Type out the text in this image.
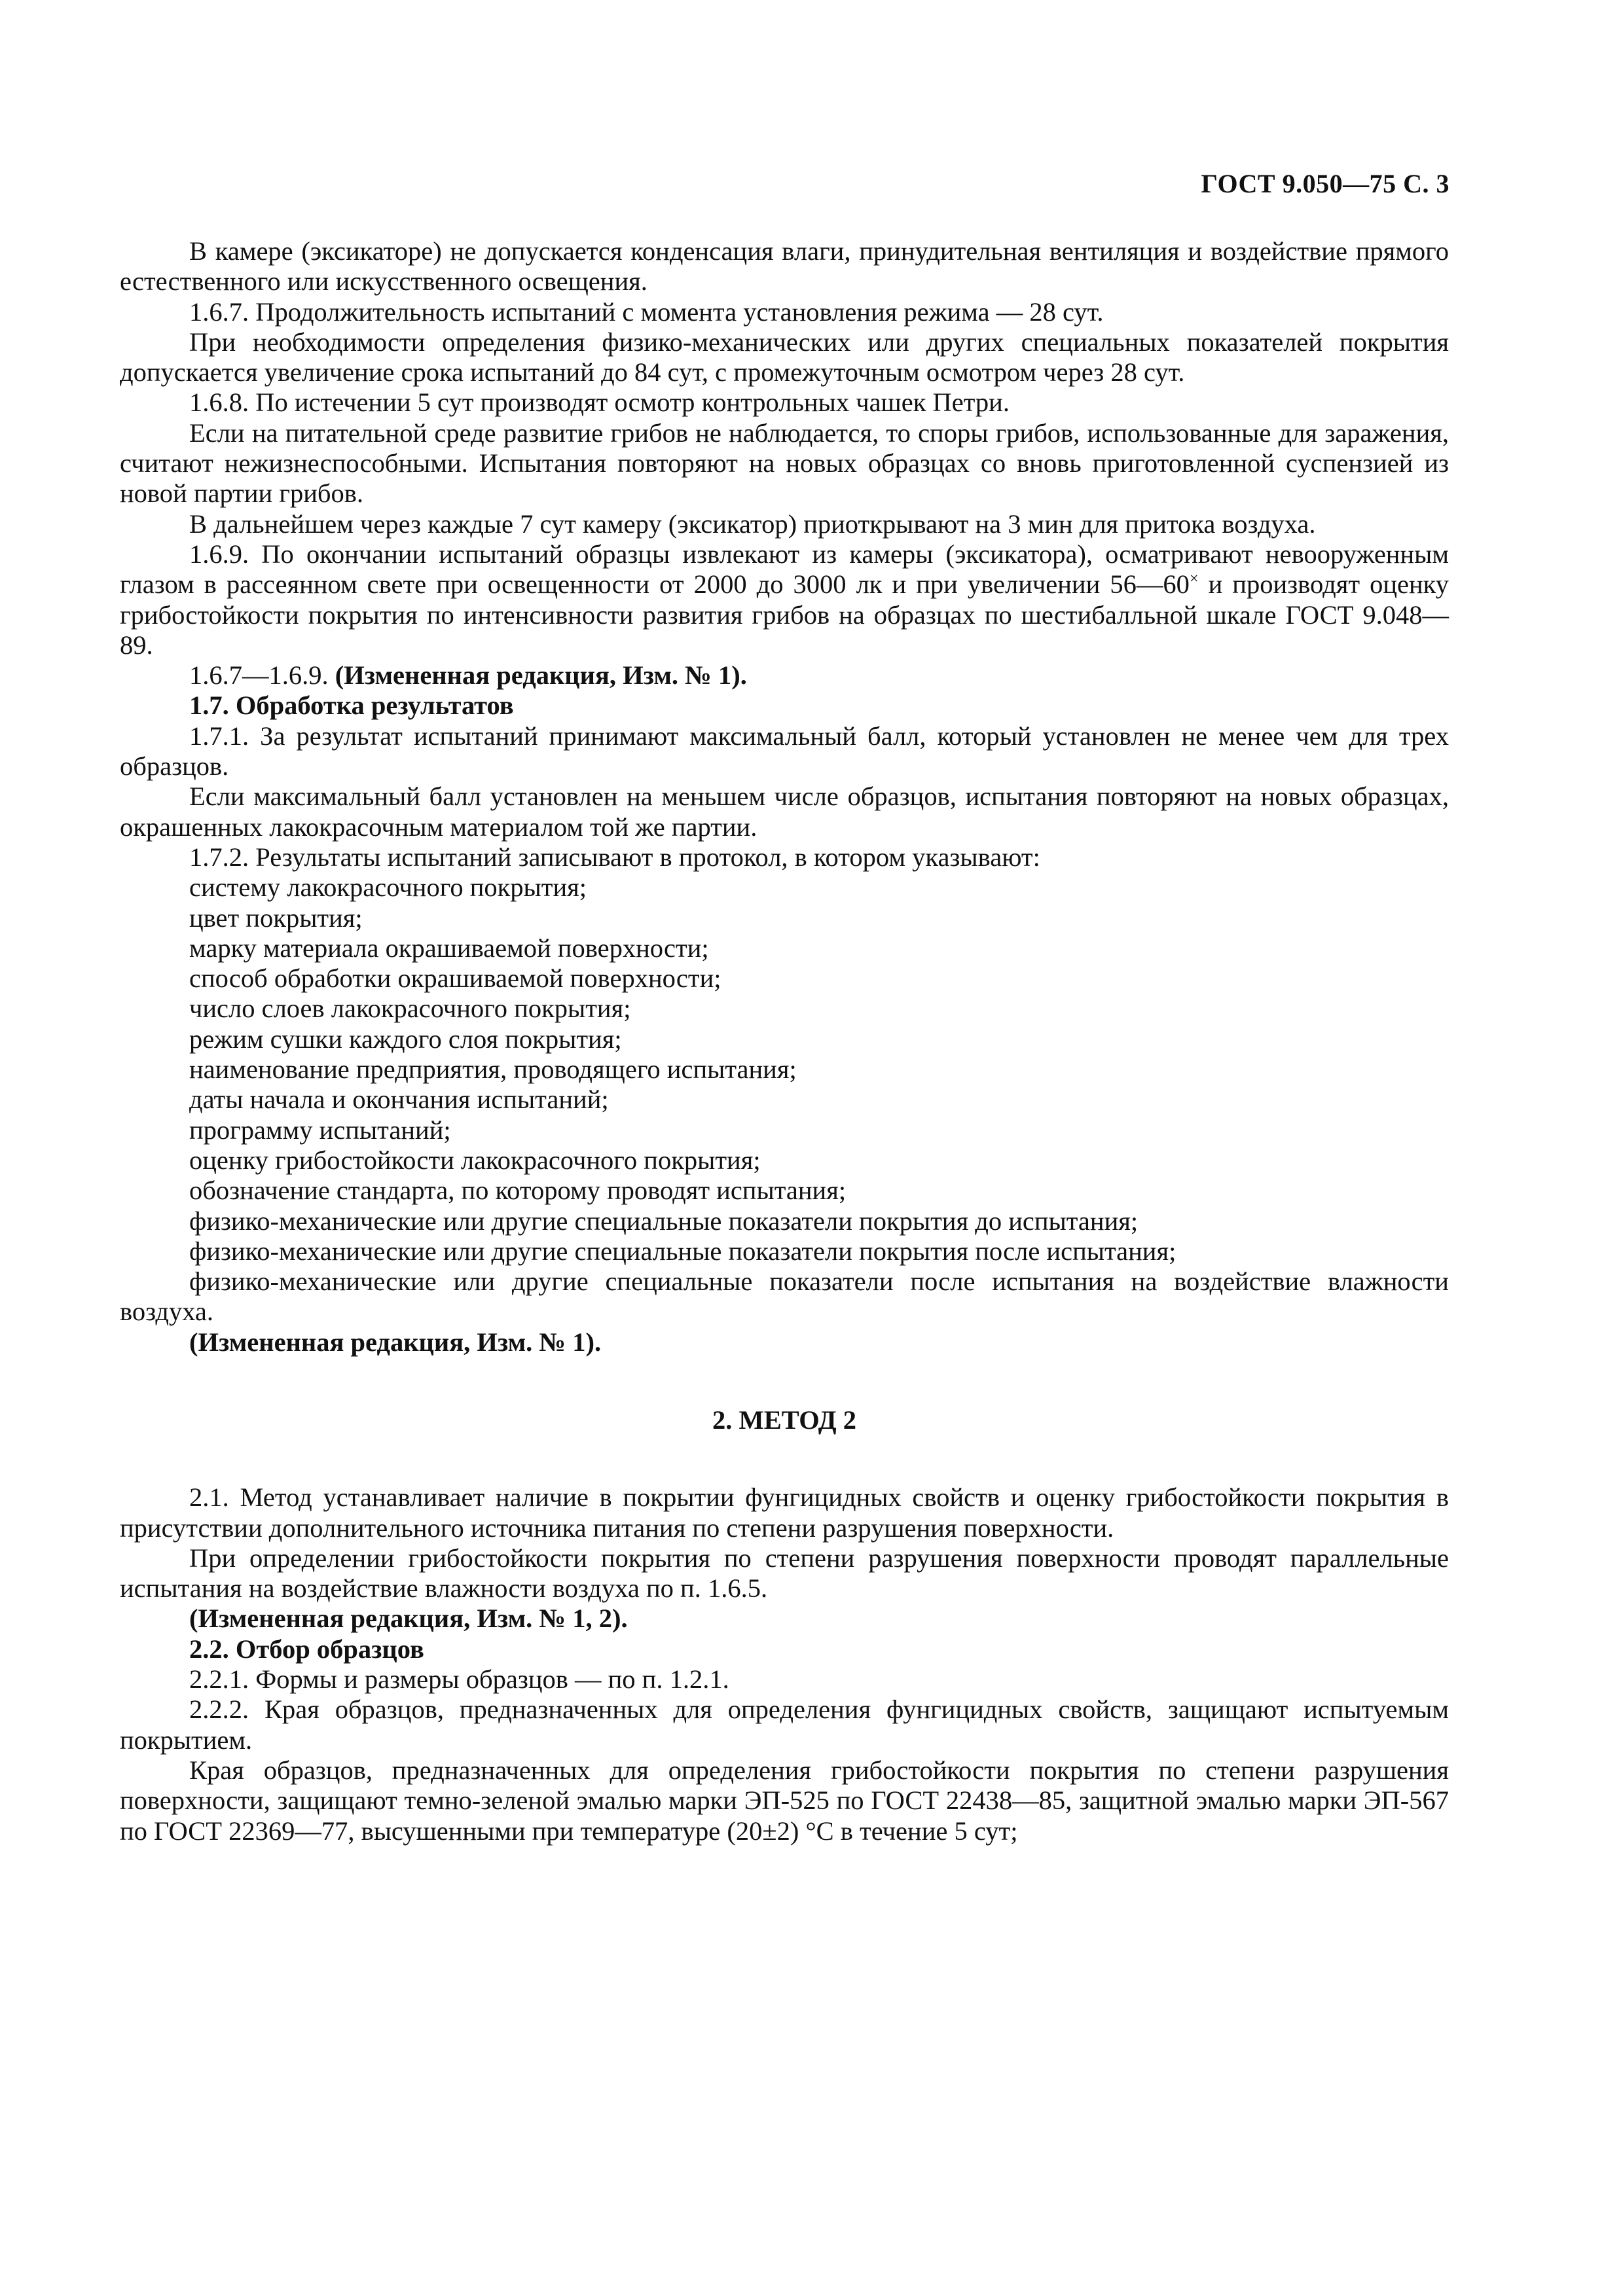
ГОСТ 9.050—75 С. 3

В камере (эксикаторе) не допускается конденсация влаги, принудительная вентиляция и воздействие прямого естественного или искусственного освещения.

1.6.7. Продолжительность испытаний с момента установления режима — 28 сут.

При необходимости определения физико-механических или других специальных показателей покрытия допускается увеличение срока испытаний до 84 сут, с промежуточным осмотром через 28 сут.

1.6.8. По истечении 5 сут производят осмотр контрольных чашек Петри.

Если на питательной среде развитие грибов не наблюдается, то споры грибов, использованные для заражения, считают нежизнеспособными. Испытания повторяют на новых образцах со вновь приготовленной суспензией из новой партии грибов.

В дальнейшем через каждые 7 сут камеру (эксикатор) приоткрывают на 3 мин для притока воздуха.

1.6.9. По окончании испытаний образцы извлекают из камеры (эксикатора), осматривают невооруженным глазом в рассеянном свете при освещенности от 2000 до 3000 лк и при увеличении 56—60× и производят оценку грибостойкости покрытия по интенсивности развития грибов на образцах по шестибалльной шкале ГОСТ 9.048—89.

1.6.7—1.6.9. (Измененная редакция, Изм. № 1).

1.7. Обработка результатов

1.7.1. За результат испытаний принимают максимальный балл, который установлен не менее чем для трех образцов.

Если максимальный балл установлен на меньшем числе образцов, испытания повторяют на новых образцах, окрашенных лакокрасочным материалом той же партии.

1.7.2. Результаты испытаний записывают в протокол, в котором указывают:

систему лакокрасочного покрытия;

цвет покрытия;

марку материала окрашиваемой поверхности;

способ обработки окрашиваемой поверхности;

число слоев лакокрасочного покрытия;

режим сушки каждого слоя покрытия;

наименование предприятия, проводящего испытания;

даты начала и окончания испытаний;

программу испытаний;

оценку грибостойкости лакокрасочного покрытия;

обозначение стандарта, по которому проводят испытания;

физико-механические или другие специальные показатели покрытия до испытания;

физико-механические или другие специальные показатели покрытия после испытания;

физико-механические или другие специальные показатели после испытания на воздействие влажности воздуха.

(Измененная редакция, Изм. № 1).

2. МЕТОД 2

2.1. Метод устанавливает наличие в покрытии фунгицидных свойств и оценку грибостойкости покрытия в присутствии дополнительного источника питания по степени разрушения поверхности.

При определении грибостойкости покрытия по степени разрушения поверхности проводят параллельные испытания на воздействие влажности воздуха по п. 1.6.5.

(Измененная редакция, Изм. № 1, 2).

2.2. Отбор образцов

2.2.1. Формы и размеры образцов — по п. 1.2.1.

2.2.2. Края образцов, предназначенных для определения фунгицидных свойств, защищают испытуемым покрытием.

Края образцов, предназначенных для определения грибостойкости покрытия по степени разрушения поверхности, защищают темно-зеленой эмалью марки ЭП-525 по ГОСТ 22438—85, защитной эмалью марки ЭП-567 по ГОСТ 22369—77, высушенными при температуре (20±2) °С в течение 5 сут;
